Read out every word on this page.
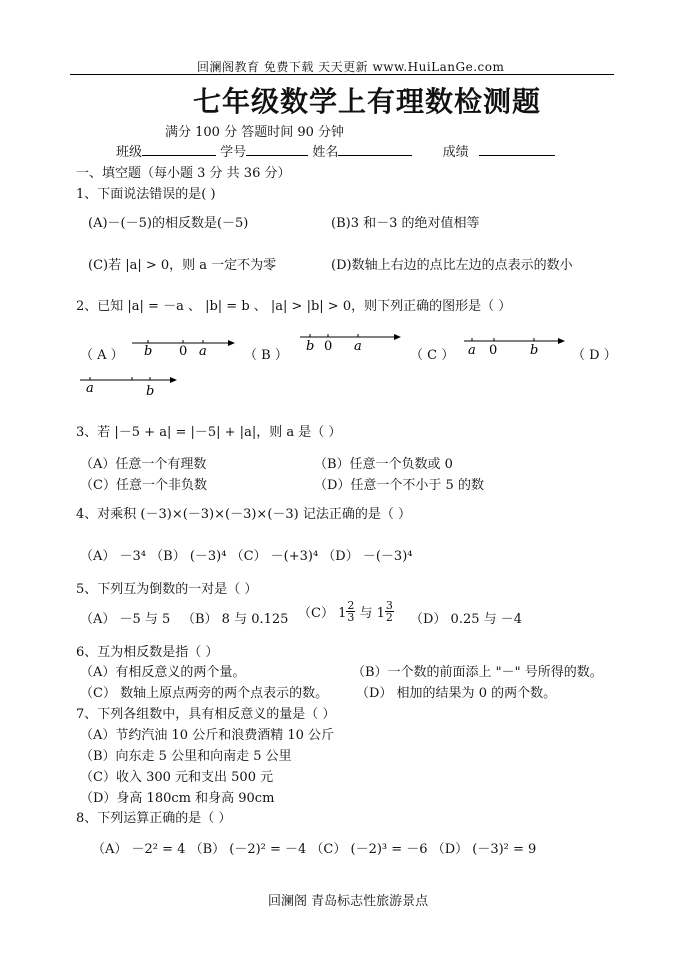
回澜阁教育 免费下载 天天更新 www.HuiLanGe.com
七年级数学上有理数检测题
满分 100 分 答题时间 90 分钟
班级	学号	姓名	成绩
一、填空题（每小题 3 分 共 36 分）
1、下面说法错误的是( )
(A)－(－5)的相反数是(－5)	(B)3 和－3 的绝对值相等
(C)若 |a| > 0，则 a 一定不为零	(D)数轴上右边的点比左边的点表示的数小
2、已知 |a| = －a 、 |b| = b 、 |a| > |b| > 0，则下列正确的图形是（ ）
（ A ） b 0 a	（ B ）
b 0 a
（ C ） a 0	b	（ D ）
a	b
3、若 |－5 + a| = |－5| + |a|，则 a 是（ ）
（A）任意一个有理数	（B）任意一个负数或 0
（C）任意一个非负数	（D）任意一个不小于 5 的数
4、对乘积 (－3)×(－3)×(－3)×(－3) 记法正确的是（ ）
（A） －3⁴ （B） (－3)⁴ （C） －(+3)⁴ （D） －(－3)⁴
5、下列互为倒数的一对是（ ）
（A） －5 与 5 （B） 8 与 0.125 （C） $1 \frac{2}{3}$ 与 $1 \frac{3}{2} (D)$ 0.25 与 －4
6、互为相反数是指（ ）
（A）有相反意义的两个量。	（B）一个数的前面添上 "－" 号所得的数。
（C） 数轴上原点两旁的两个点表示的数。 （D） 相加的结果为 0 的两个数。
7、下列各组数中，具有相反意义的量是（ ）
（A）节约汽油 10 公斤和浪费酒精 10 公斤
（B）向东走 5 公里和向南走 5 公里
（C）收入 300 元和支出 500 元
（D）身高 180cm 和身高 90cm
8、下列运算正确的是（ ）
（A） －2² = 4 （B） (－2)² = －4 （C） (－2)³ = －6 （D） (－3)² = 9
回澜阁 青岛标志性旅游景点
